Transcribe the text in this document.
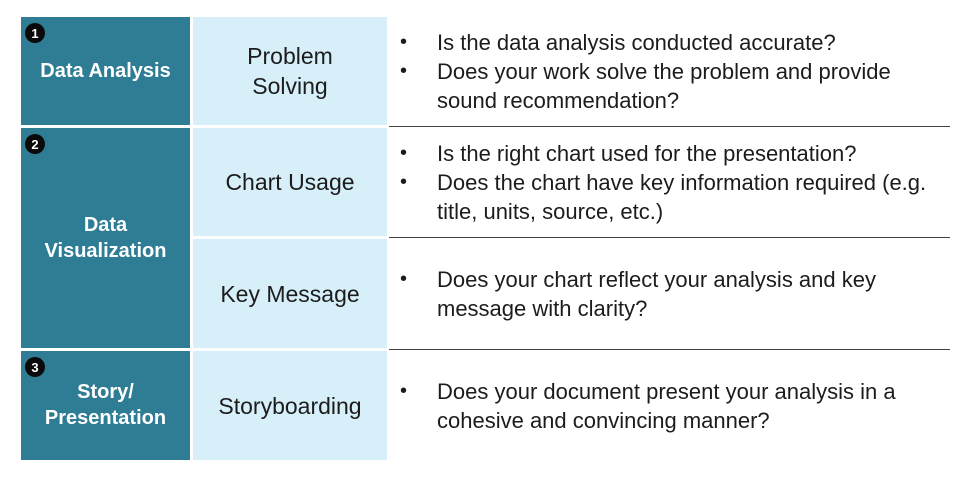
1
Data Analysis
2
Data
Visualization
3
Story/
Presentation
Problem
Solving
Chart Usage
Key Message
Storyboarding
• Is the data analysis conducted accurate?
• Does your work solve the problem and provide sound recommendation?
• Is the right chart used for the presentation?
• Does the chart have key information required (e.g. title, units, source, etc.)
• Does your chart reflect your analysis and key message with clarity?
• Does your document present your analysis in a cohesive and convincing manner?
